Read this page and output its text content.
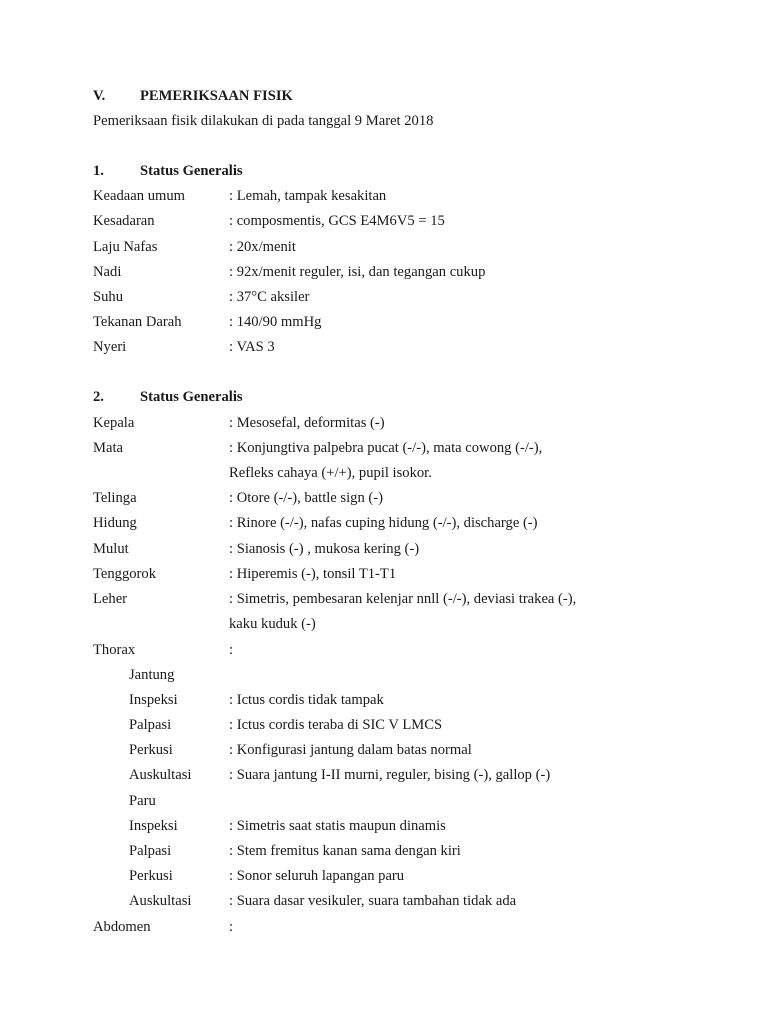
V. PEMERIKSAAN FISIK
Pemeriksaan fisik dilakukan di pada tanggal 9 Maret 2018
1. Status Generalis
Keadaan umum	: Lemah, tampak kesakitan
Kesadaran	: composmentis, GCS E4M6V5 = 15
Laju Nafas	: 20x/menit
Nadi	: 92x/menit reguler, isi, dan tegangan cukup
Suhu	: 37°C aksiler
Tekanan Darah	: 140/90 mmHg
Nyeri	: VAS 3
2. Status Generalis
Kepala	: Mesosefal, deformitas (-)
Mata	: Konjungtiva palpebra pucat (-/-), mata cowong (-/-),
Refleks cahaya (+/+), pupil isokor.
Telinga	: Otore (-/-), battle sign (-)
Hidung	: Rinore (-/-), nafas cuping hidung (-/-), discharge (-)
Mulut	: Sianosis (-) , mukosa kering (-)
Tenggorok	: Hiperemis (-), tonsil T1-T1
Leher	: Simetris, pembesaran kelenjar nnll (-/-), deviasi trakea (-),
kaku kuduk (-)
Thorax	:
Jantung
Inspeksi	: Ictus cordis tidak tampak
Palpasi	: Ictus cordis teraba di SIC V LMCS
Perkusi	: Konfigurasi jantung dalam batas normal
Auskultasi	: Suara jantung I-II murni, reguler, bising (-), gallop (-)
Paru
Inspeksi	: Simetris saat statis maupun dinamis
Palpasi	: Stem fremitus kanan sama dengan kiri
Perkusi	: Sonor seluruh lapangan paru
Auskultasi	: Suara dasar vesikuler, suara tambahan tidak ada
Abdomen	:
